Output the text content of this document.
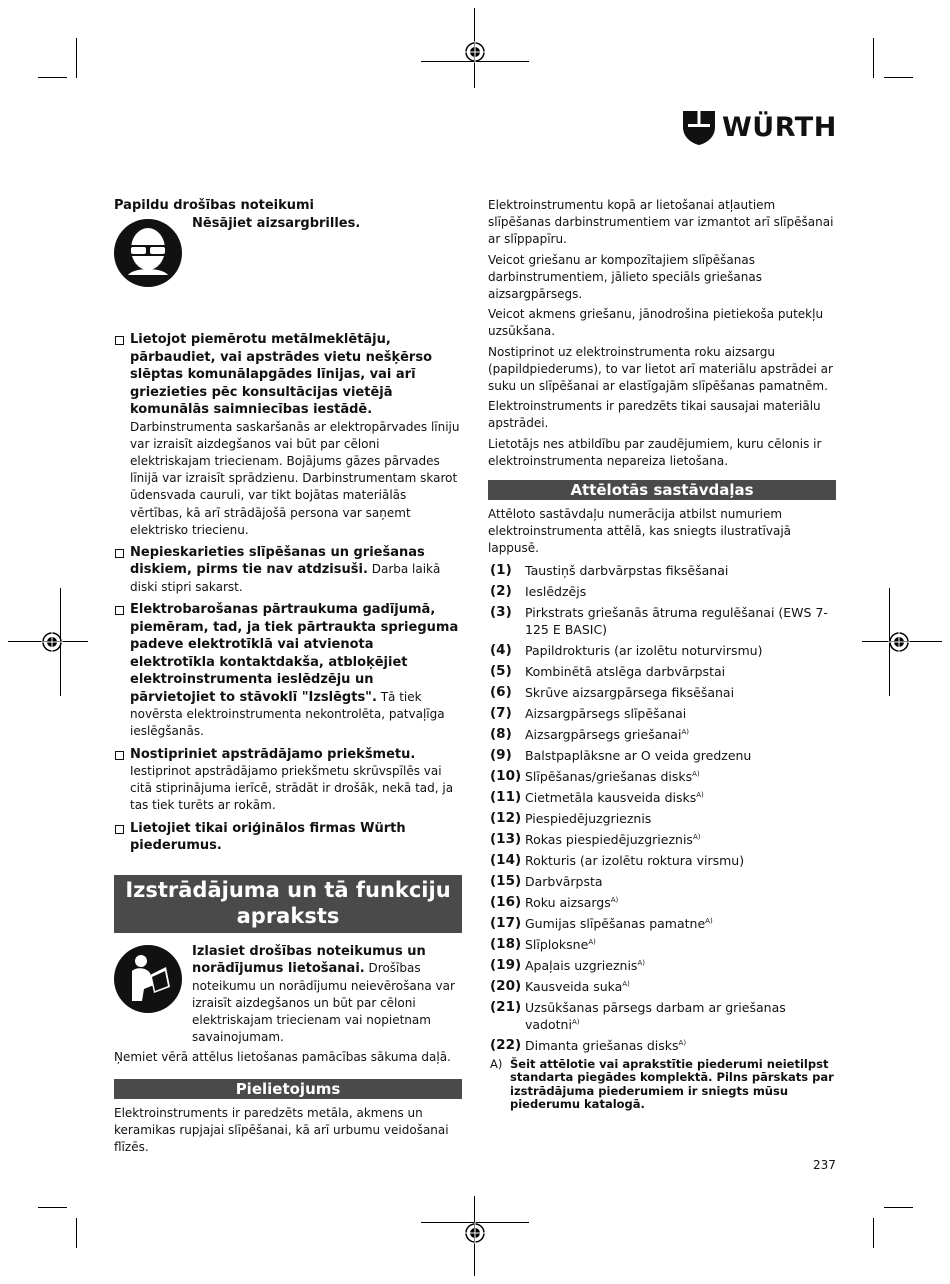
WÜRTH
Papildu drošības noteikumi
Nēsājiet aizsargbrilles.
Lietojot piemērotu metālmeklētāju, pārbaudiet, vai apstrādes vietu nešķērso slēptas komunālapgādes līnijas, vai arī griezieties pēc konsultācijas vietējā komunālās saimniecības iestādē. Darbinstrumenta saskaršanās ar elektropārvades līniju var izraisīt aizdegšanos vai būt par cēloni elektriskajam triecienam. Bojājums gāzes pārvades līnijā var izraisīt sprādzienu. Darbinstrumentam skarot ūdensvada cauruli, var tikt bojātas materiālās vērtības, kā arī strādājošā persona var saņemt elektrisko triecienu.
Nepieskarieties slīpēšanas un griešanas diskiem, pirms tie nav atdzisuši. Darba laikā diski stipri sakarst.
Elektrobarošanas pārtraukuma gadījumā, piemēram, tad, ja tiek pārtraukta sprieguma padeve elektrotīklā vai atvienota elektrotīkla kontaktdakša, atbloķējiet elektroinstrumenta ieslēdzēju un pārvietojiet to stāvoklī "Izslēgts". Tā tiek novērsta elektroinstrumenta nekontrolēta, patvaļīga ieslēgšanās.
Nostipriniet apstrādājamo priekšmetu. Iestiprinot apstrādājamo priekšmetu skrūvspīlēs vai citā stiprinājuma ierīcē, strādāt ir drošāk, nekā tad, ja tas tiek turēts ar rokām.
Lietojiet tikai oriģinālos firmas Würth piederumus.
Izstrādājuma un tā funkciju apraksts
Izlasiet drošības noteikumus un norādījumus lietošanai. Drošības noteikumu un norādījumu neievērošana var izraisīt aizdegšanos un būt par cēloni elektriskajam triecienam vai nopietnam savainojumam.

Ņemiet vērā attēlus lietošanas pamācības sākuma daļā.

Pielietojums

Elektroinstruments ir paredzēts metāla, akmens un keramikas rupjajai slīpēšanai, kā arī urbumu veidošanai flīzēs.

Elektroinstrumentu kopā ar lietošanai atļautiem slīpēšanas darbinstrumentiem var izmantot arī slīpēšanai ar slīppapīru.

Veicot griešanu ar kompozītajiem slīpēšanas darbinstrumentiem, jālieto speciāls griešanas aizsargpārsegs.

Veicot akmens griešanu, jānodrošina pietiekoša putekļu uzsūkšana.

Nostiprinot uz elektroinstrumenta roku aizsargu (papildpiederums), to var lietot arī materiālu apstrādei ar suku un slīpēšanai ar elastīgajām slīpēšanas pamatnēm.

Elektroinstruments ir paredzēts tikai sausajai materiālu apstrādei.

Lietotājs nes atbildību par zaudējumiem, kuru cēlonis ir elektroinstrumenta nepareiza lietošana.

Attēlotās sastāvdaļas

Attēloto sastāvdaļu numerācija atbilst numuriem elektroinstrumenta attēlā, kas sniegts ilustratīvajā lappusē.

(1) Taustiņš darbvārpstas fiksēšanai
(2) Ieslēdzējs
(3) Pirkstrats griešanās ātruma regulēšanai (EWS 7-125 E BASIC)
(4) Papildrokturis (ar izolētu noturvirsmu)
(5) Kombinētā atslēga darbvārpstai
(6) Skrūve aizsargpārsega fiksēšanai
(7) Aizsargpārsegs slīpēšanai
(8) Aizsargpārsegs griešanai$^{A)}$
(9) Balstpaplāksne ar O veida gredzenu
(10) Slīpēšanas/griešanas disks$^{A)}$
(11) Cietmetāla kausveida disks$^{A)}$
(12) Piespiedējuzgrieznis
(13) Rokas piespiedējuzgrieznis$^{A)}$
(14) Rokturis (ar izolētu roktura virsmu)
(15) Darbvārpsta
(16) Roku aizsargs$^{A)}$
(17) Gumijas slīpēšanas pamatne$^{A)}$
(18) Slīploksne$^{A)}$
(19) Apaļais uzgrieznis$^{A)}$
(20) Kausveida suka$^{A)}$
(21) Uzsūkšanas pārsegs darbam ar griešanas vadotni$^{A)}$
(22) Dimanta griešanas disks$^{A)}$
A) Šeit attēlotie vai aprakstītie piederumi neietilpst standarta piegādes komplektā. Pilns pārskats par izstrādājuma piederumiem ir sniegts mūsu piederumu katalogā.
237
